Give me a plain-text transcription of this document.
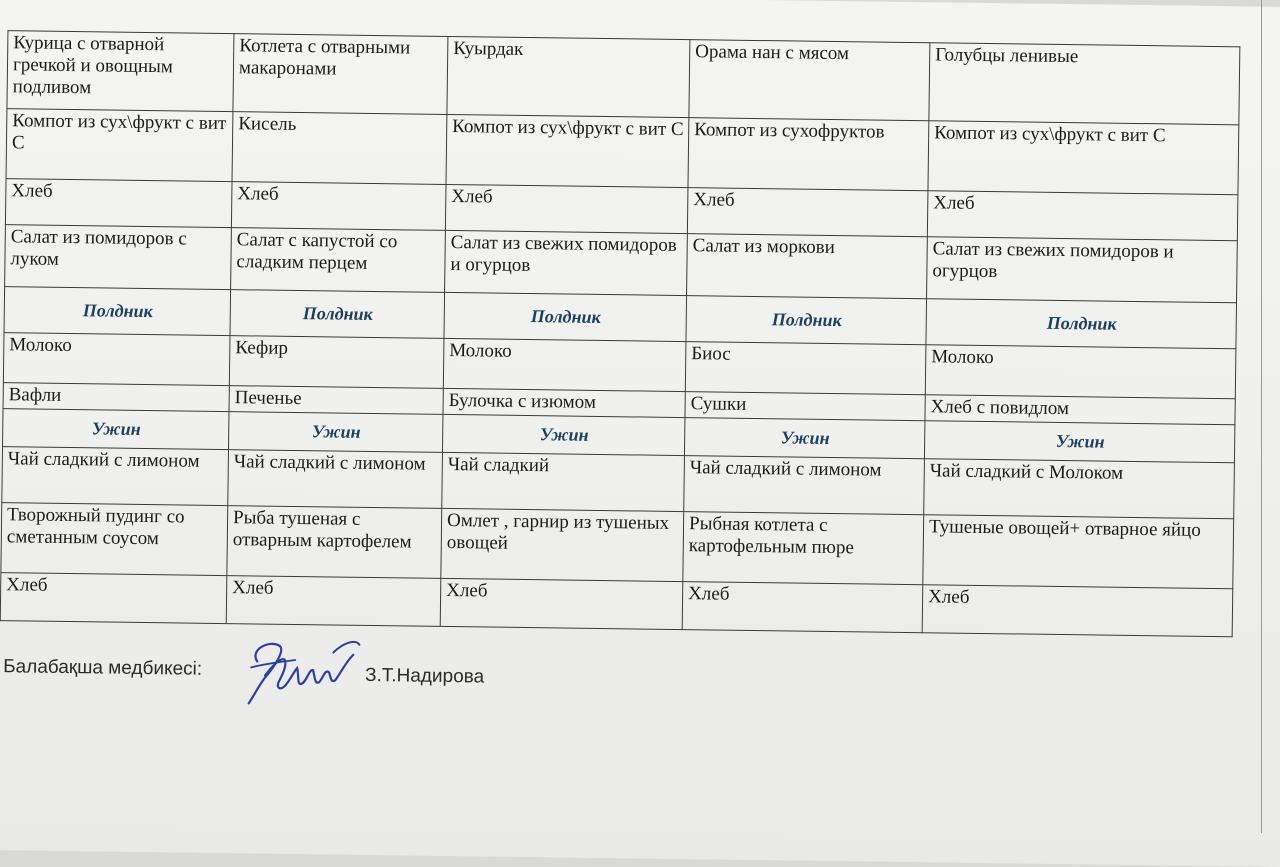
Курица с отварной гречкой и овощным подливом	Котлета с отварными макаронами	Куырдак	Орама нан с мясом	Голубцы ленивые
Компот из сух\фрукт с вит С	Кисель	Компот из сух\фрукт с вит С	Компот из сухофруктов	Компот из сух\фрукт с вит С
Хлеб	Хлеб	Хлеб	Хлеб	Хлеб
Салат из помидоров с луком	Салат с капустой со сладким перцем	Салат из свежих помидоров и огурцов	Салат из моркови	Салат из свежих помидоров и огурцов
Полдник	Полдник	Полдник	Полдник	Полдник
Молоко	Кефир	Молоко	Биос	Молоко
Вафли	Печенье	Булочка с изюмом	Сушки	Хлеб с повидлом
Ужин	Ужин	Ужин	Ужин	Ужин
Чай сладкий с лимоном	Чай сладкий с лимоном	Чай сладкий	Чай сладкий с лимоном	Чай сладкий с Молоком
Творожный пудинг со сметанным соусом	Рыба тушеная с отварным картофелем	Омлет , гарнир из тушеных овощей	Рыбная котлета с картофельным пюре	Тушеные овощей+ отварное яйцо
Хлеб	Хлеб	Хлеб	Хлеб	Хлеб
Балабақша медбикесі:	З.Т.Надирова
